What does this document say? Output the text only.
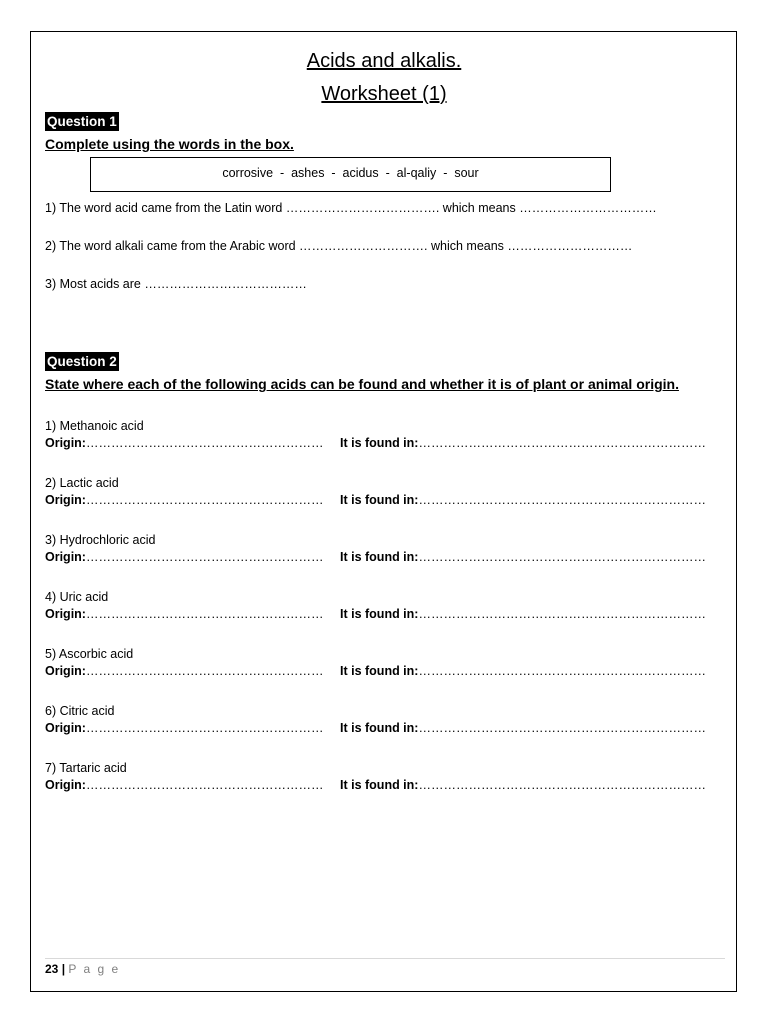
Acids and alkalis.
Worksheet (1)
Question 1
Complete using the words in the box.
corrosive  -  ashes  -  acidus  -  al-qaliy  -  sour
1) The word acid came from the Latin word ………………………………. which means ……………………………
2) The word alkali came from the Arabic word …………………………. which means …………………………
3) Most acids are …………………………………
Question 2
State where each of the following acids can be found and whether it is of plant or animal origin.
1) Methanoic acid
Origin:………………………………………………… It is found in:……………………………………………………………
2) Lactic acid
Origin:………………………………………………… It is found in:……………………………………………………………
3) Hydrochloric acid
Origin:………………………………………………… It is found in:……………………………………………………………
4) Uric acid
Origin:………………………………………………… It is found in:……………………………………………………………
5) Ascorbic acid
Origin:………………………………………………… It is found in:……………………………………………………………
6) Citric acid
Origin:………………………………………………… It is found in:……………………………………………………………
7) Tartaric acid
Origin:………………………………………………… It is found in:……………………………………………………………
23 | P a g e
